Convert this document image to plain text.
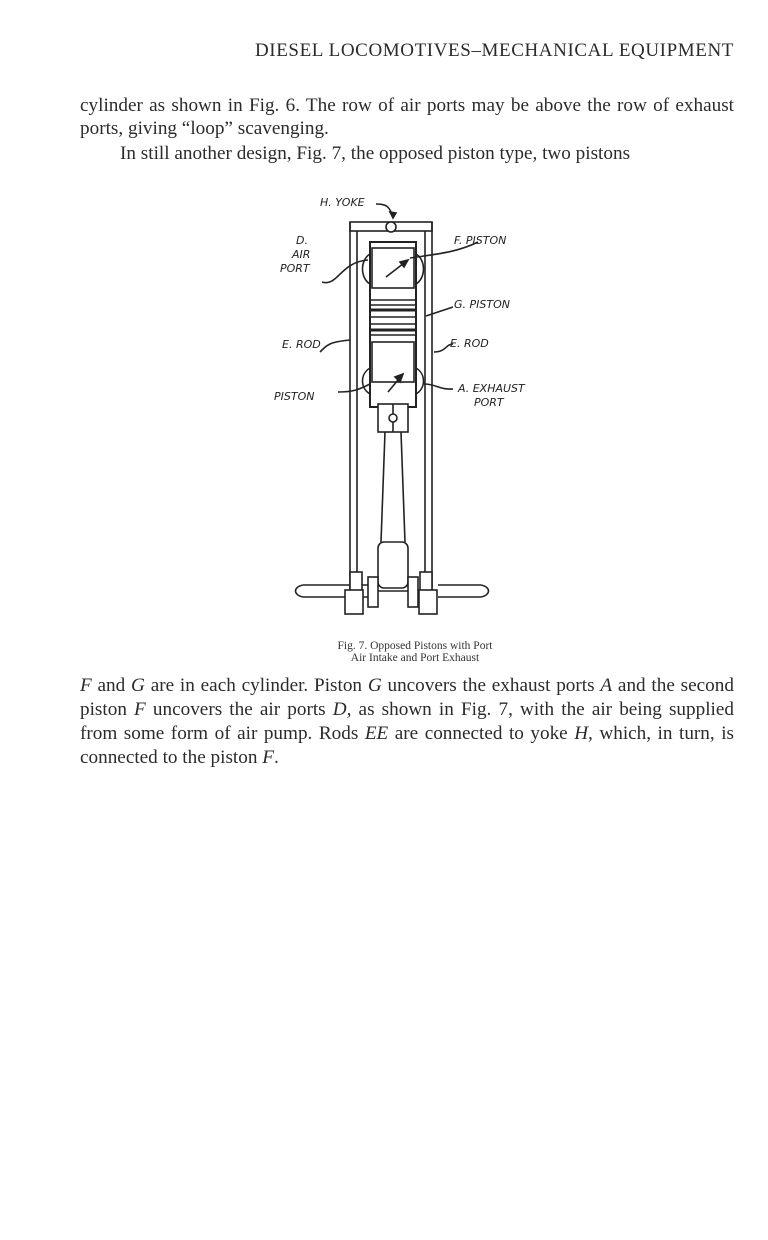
DIESEL LOCOMOTIVES–MECHANICAL EQUIPMENT

cylinder as shown in Fig. 6. The row of air ports may be above the row of exhaust ports, giving “loop” scavenging.

In still another design, Fig. 7, the opposed piston type, two pistons

H. YOKE
D.
AIR
PORT
F. PISTON
G. PISTON
E. ROD	E. ROD
PISTON
A. EXHAUST
PORT
Fig. 7. Opposed Pistons with Port
Air Intake and Port Exhaust

F and G are in each cylinder. Piston G uncovers the exhaust ports A and the second piston F uncovers the air ports D, as shown in Fig. 7, with the air being supplied from some form of air pump. Rods EE are connected to yoke H, which, in turn, is connected to the piston F.
